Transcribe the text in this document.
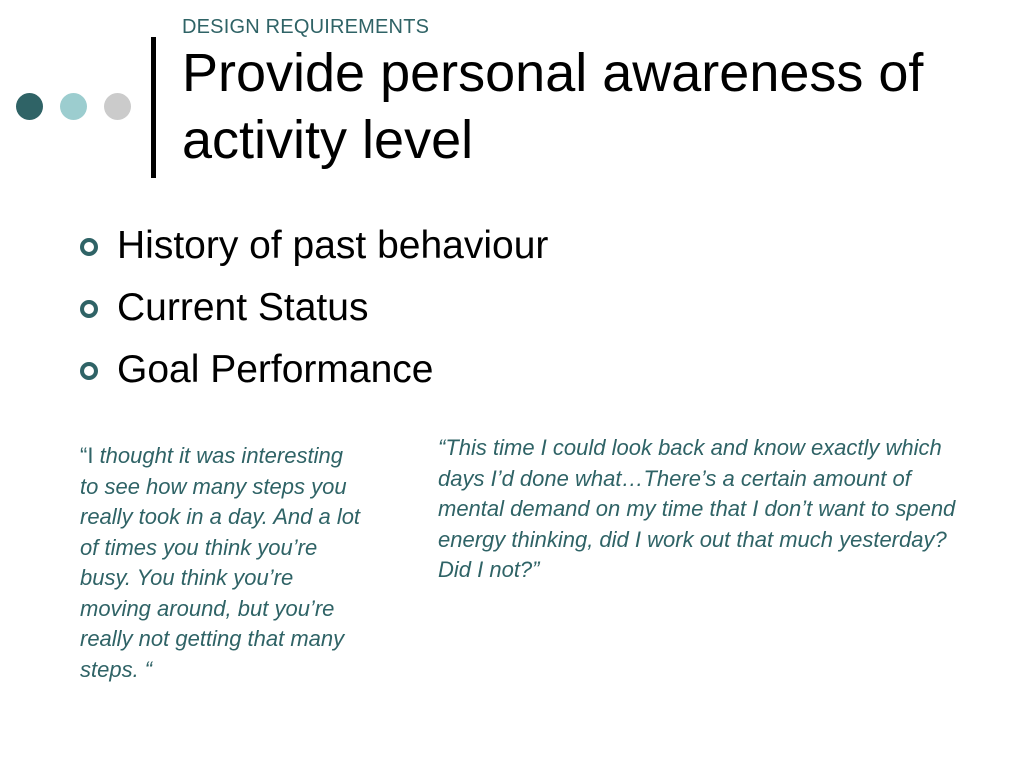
DESIGN REQUIREMENTS
Provide personal awareness of activity level
History of past behaviour
Current Status
Goal Performance

“I thought it was interesting to see how many steps you really took in a day. And a lot of times you think you’re busy. You think you’re moving around, but you’re really not getting that many steps. “

“This time I could look back and know exactly which days I’d done what…There’s a certain amount of mental demand on my time that I don’t want to spend energy thinking, did I work out that much yesterday? Did I not?”
